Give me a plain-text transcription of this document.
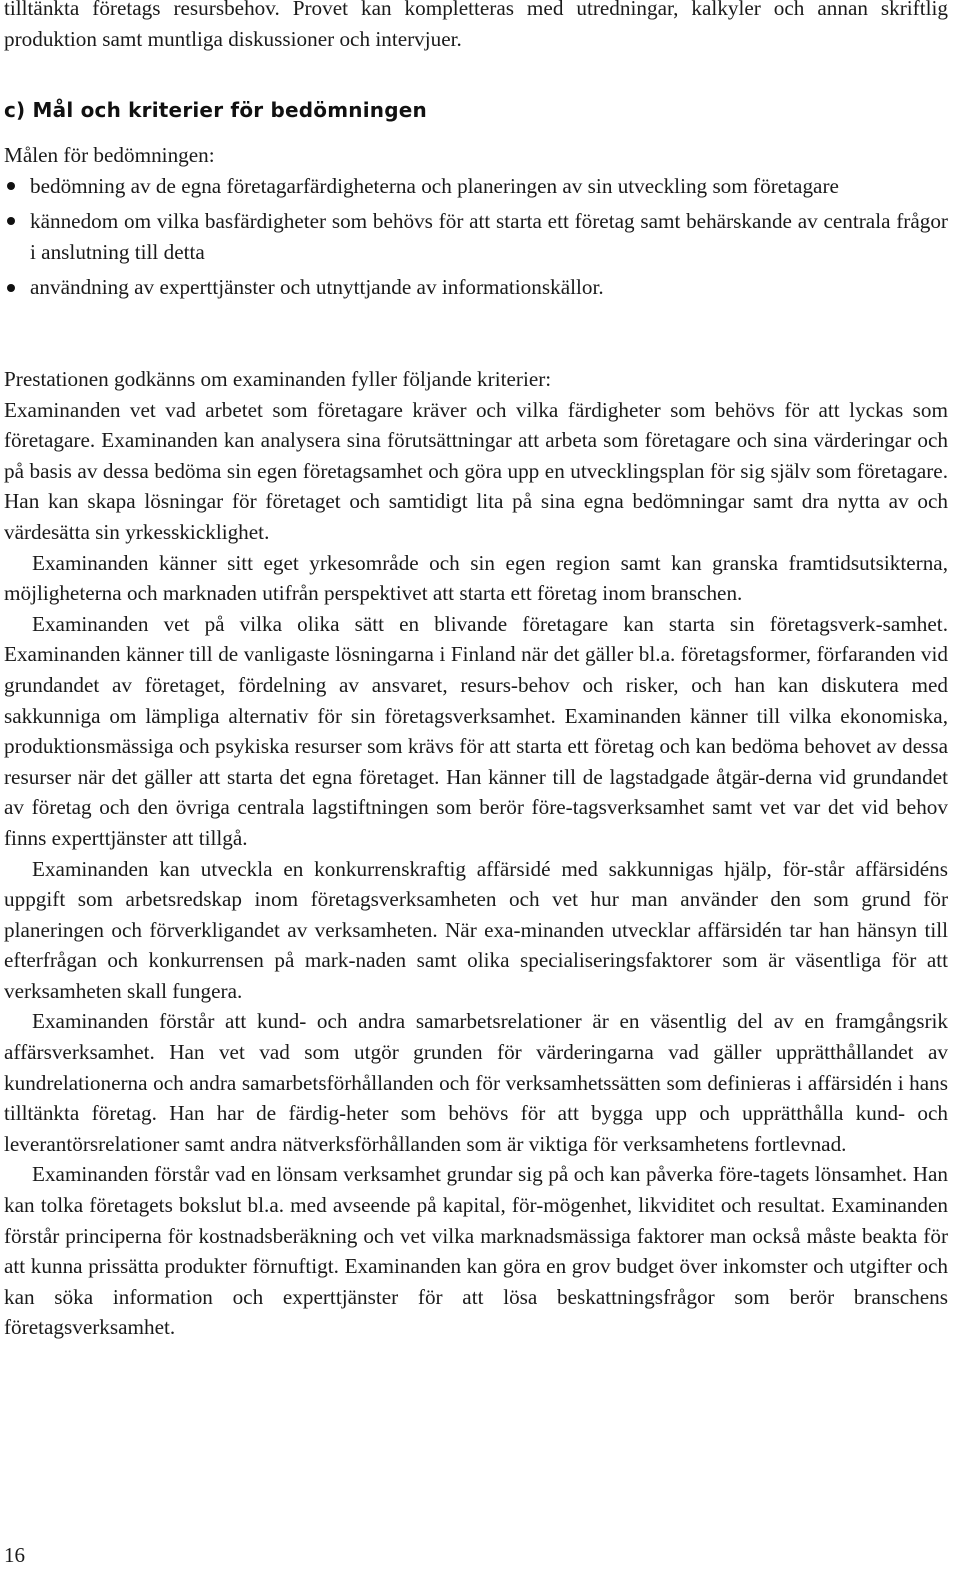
tilltänkta företags resursbehov. Provet kan kompletteras med utredningar, kalkyler och annan skriftlig produktion samt muntliga diskussioner och intervjuer.
c) Mål och kriterier för bedömningen

Målen för bedömningen:

bedömning av de egna företagarfärdigheterna och planeringen av sin utveckling som företagare
kännedom om vilka basfärdigheter som behövs för att starta ett företag samt behärskande av centrala frågor i anslutning till detta
användning av experttjänster och utnyttjande av informationskällor.

Prestationen godkänns om examinanden fyller följande kriterier:

Examinanden vet vad arbetet som företagare kräver och vilka färdigheter som behövs för att lyckas som företagare. Examinanden kan analysera sina förutsättningar att arbeta som företagare och sina värderingar och på basis av dessa bedöma sin egen företagsamhet och göra upp en utvecklingsplan för sig själv som företagare. Han kan skapa lösningar för företaget och samtidigt lita på sina egna bedömningar samt dra nytta av och värdesätta sin yrkesskicklighet.

Examinanden känner sitt eget yrkesområde och sin egen region samt kan granska framtidsutsikterna, möjligheterna och marknaden utifrån perspektivet att starta ett företag inom branschen.

Examinanden vet på vilka olika sätt en blivande företagare kan starta sin företagsverk-samhet. Examinanden känner till de vanligaste lösningarna i Finland när det gäller bl.a. företagsformer, förfaranden vid grundandet av företaget, fördelning av ansvaret, resurs-behov och risker, och han kan diskutera med sakkunniga om lämpliga alternativ för sin företagsverksamhet. Examinanden känner till vilka ekonomiska, produktionsmässiga och psykiska resurser som krävs för att starta ett företag och kan bedöma behovet av dessa resurser när det gäller att starta det egna företaget. Han känner till de lagstadgade åtgär-derna vid grundandet av företag och den övriga centrala lagstiftningen som berör före-tagsverksamhet samt vet var det vid behov finns experttjänster att tillgå.

Examinanden kan utveckla en konkurrenskraftig affärsidé med sakkunnigas hjälp, för-står affärsidéns uppgift som arbetsredskap inom företagsverksamheten och vet hur man använder den som grund för planeringen och förverkligandet av verksamheten. När exa-minanden utvecklar affärsidén tar han hänsyn till efterfrågan och konkurrensen på mark-naden samt olika specialiseringsfaktorer som är väsentliga för att verksamheten skall fungera.

Examinanden förstår att kund- och andra samarbetsrelationer är en väsentlig del av en framgångsrik affärsverksamhet. Han vet vad som utgör grunden för värderingarna vad gäller upprätthållandet av kundrelationerna och andra samarbetsförhållanden och för verksamhetssätten som definieras i affärsidén i hans tilltänkta företag. Han har de färdig-heter som behövs för att bygga upp och upprätthålla kund- och leverantörsrelationer samt andra nätverksförhållanden som är viktiga för verksamhetens fortlevnad.

Examinanden förstår vad en lönsam verksamhet grundar sig på och kan påverka före-tagets lönsamhet. Han kan tolka företagets bokslut bl.a. med avseende på kapital, för-mögenhet, likviditet och resultat. Examinanden förstår principerna för kostnadsberäkning och vet vilka marknadsmässiga faktorer man också måste beakta för att kunna prissätta produkter förnuftigt. Examinanden kan göra en grov budget över inkomster och utgifter och kan söka information och experttjänster för att lösa beskattningsfrågor som berör branschens företagsverksamhet.

16
